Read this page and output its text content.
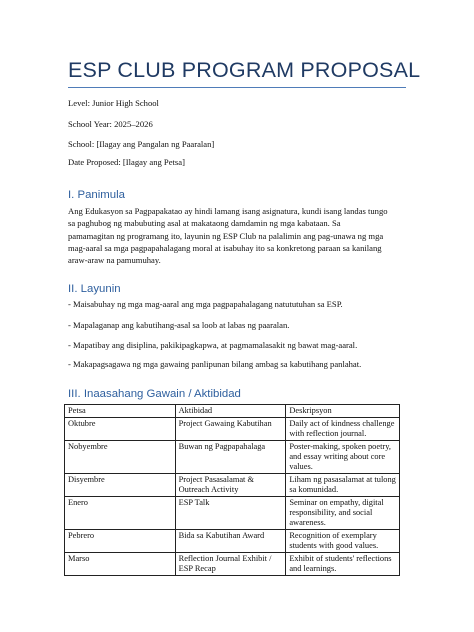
ESP CLUB PROGRAM PROPOSAL
Level: Junior High School
School Year: 2025–2026
School: [Ilagay ang Pangalan ng Paaralan]
Date Proposed: [Ilagay ang Petsa]
I. Panimula
Ang Edukasyon sa Pagpapakatao ay hindi lamang isang asignatura, kundi isang landas tungo
sa paghubog ng mabubuting asal at makataong damdamin ng mga kabataan. Sa
pamamagitan ng programang ito, layunin ng ESP Club na palalimin ang pag-unawa ng mga
mag-aaral sa mga pagpapahalagang moral at isabuhay ito sa konkretong paraan sa kanilang
araw-araw na pamumuhay.
II. Layunin
- Maisabuhay ng mga mag-aaral ang mga pagpapahalagang natututuhan sa ESP.
- Mapalaganap ang kabutihang-asal sa loob at labas ng paaralan.
- Mapatibay ang disiplina, pakikipagkapwa, at pagmamalasakit ng bawat mag-aaral.
- Makapagsagawa ng mga gawaing panlipunan bilang ambag sa kabutihang panlahat.
III. Inaasahang Gawain / Aktibidad
Petsa	Aktibidad	Deskripsyon
Oktubre	Project Gawaing Kabutihan	Daily act of kindness challenge with reflection journal.
Nobyembre	Buwan ng Pagpapahalaga	Poster-making, spoken poetry, and essay writing about core values.
Disyembre	Project Pasasalamat & Outreach Activity	Liham ng pasasalamat at tulong sa komunidad.
Enero	ESP Talk	Seminar on empathy, digital responsibility, and social awareness.
Pebrero	Bida sa Kabutihan Award	Recognition of exemplary students with good values.
Marso	Reflection Journal Exhibit / ESP Recap	Exhibit of students' reflections and learnings.
